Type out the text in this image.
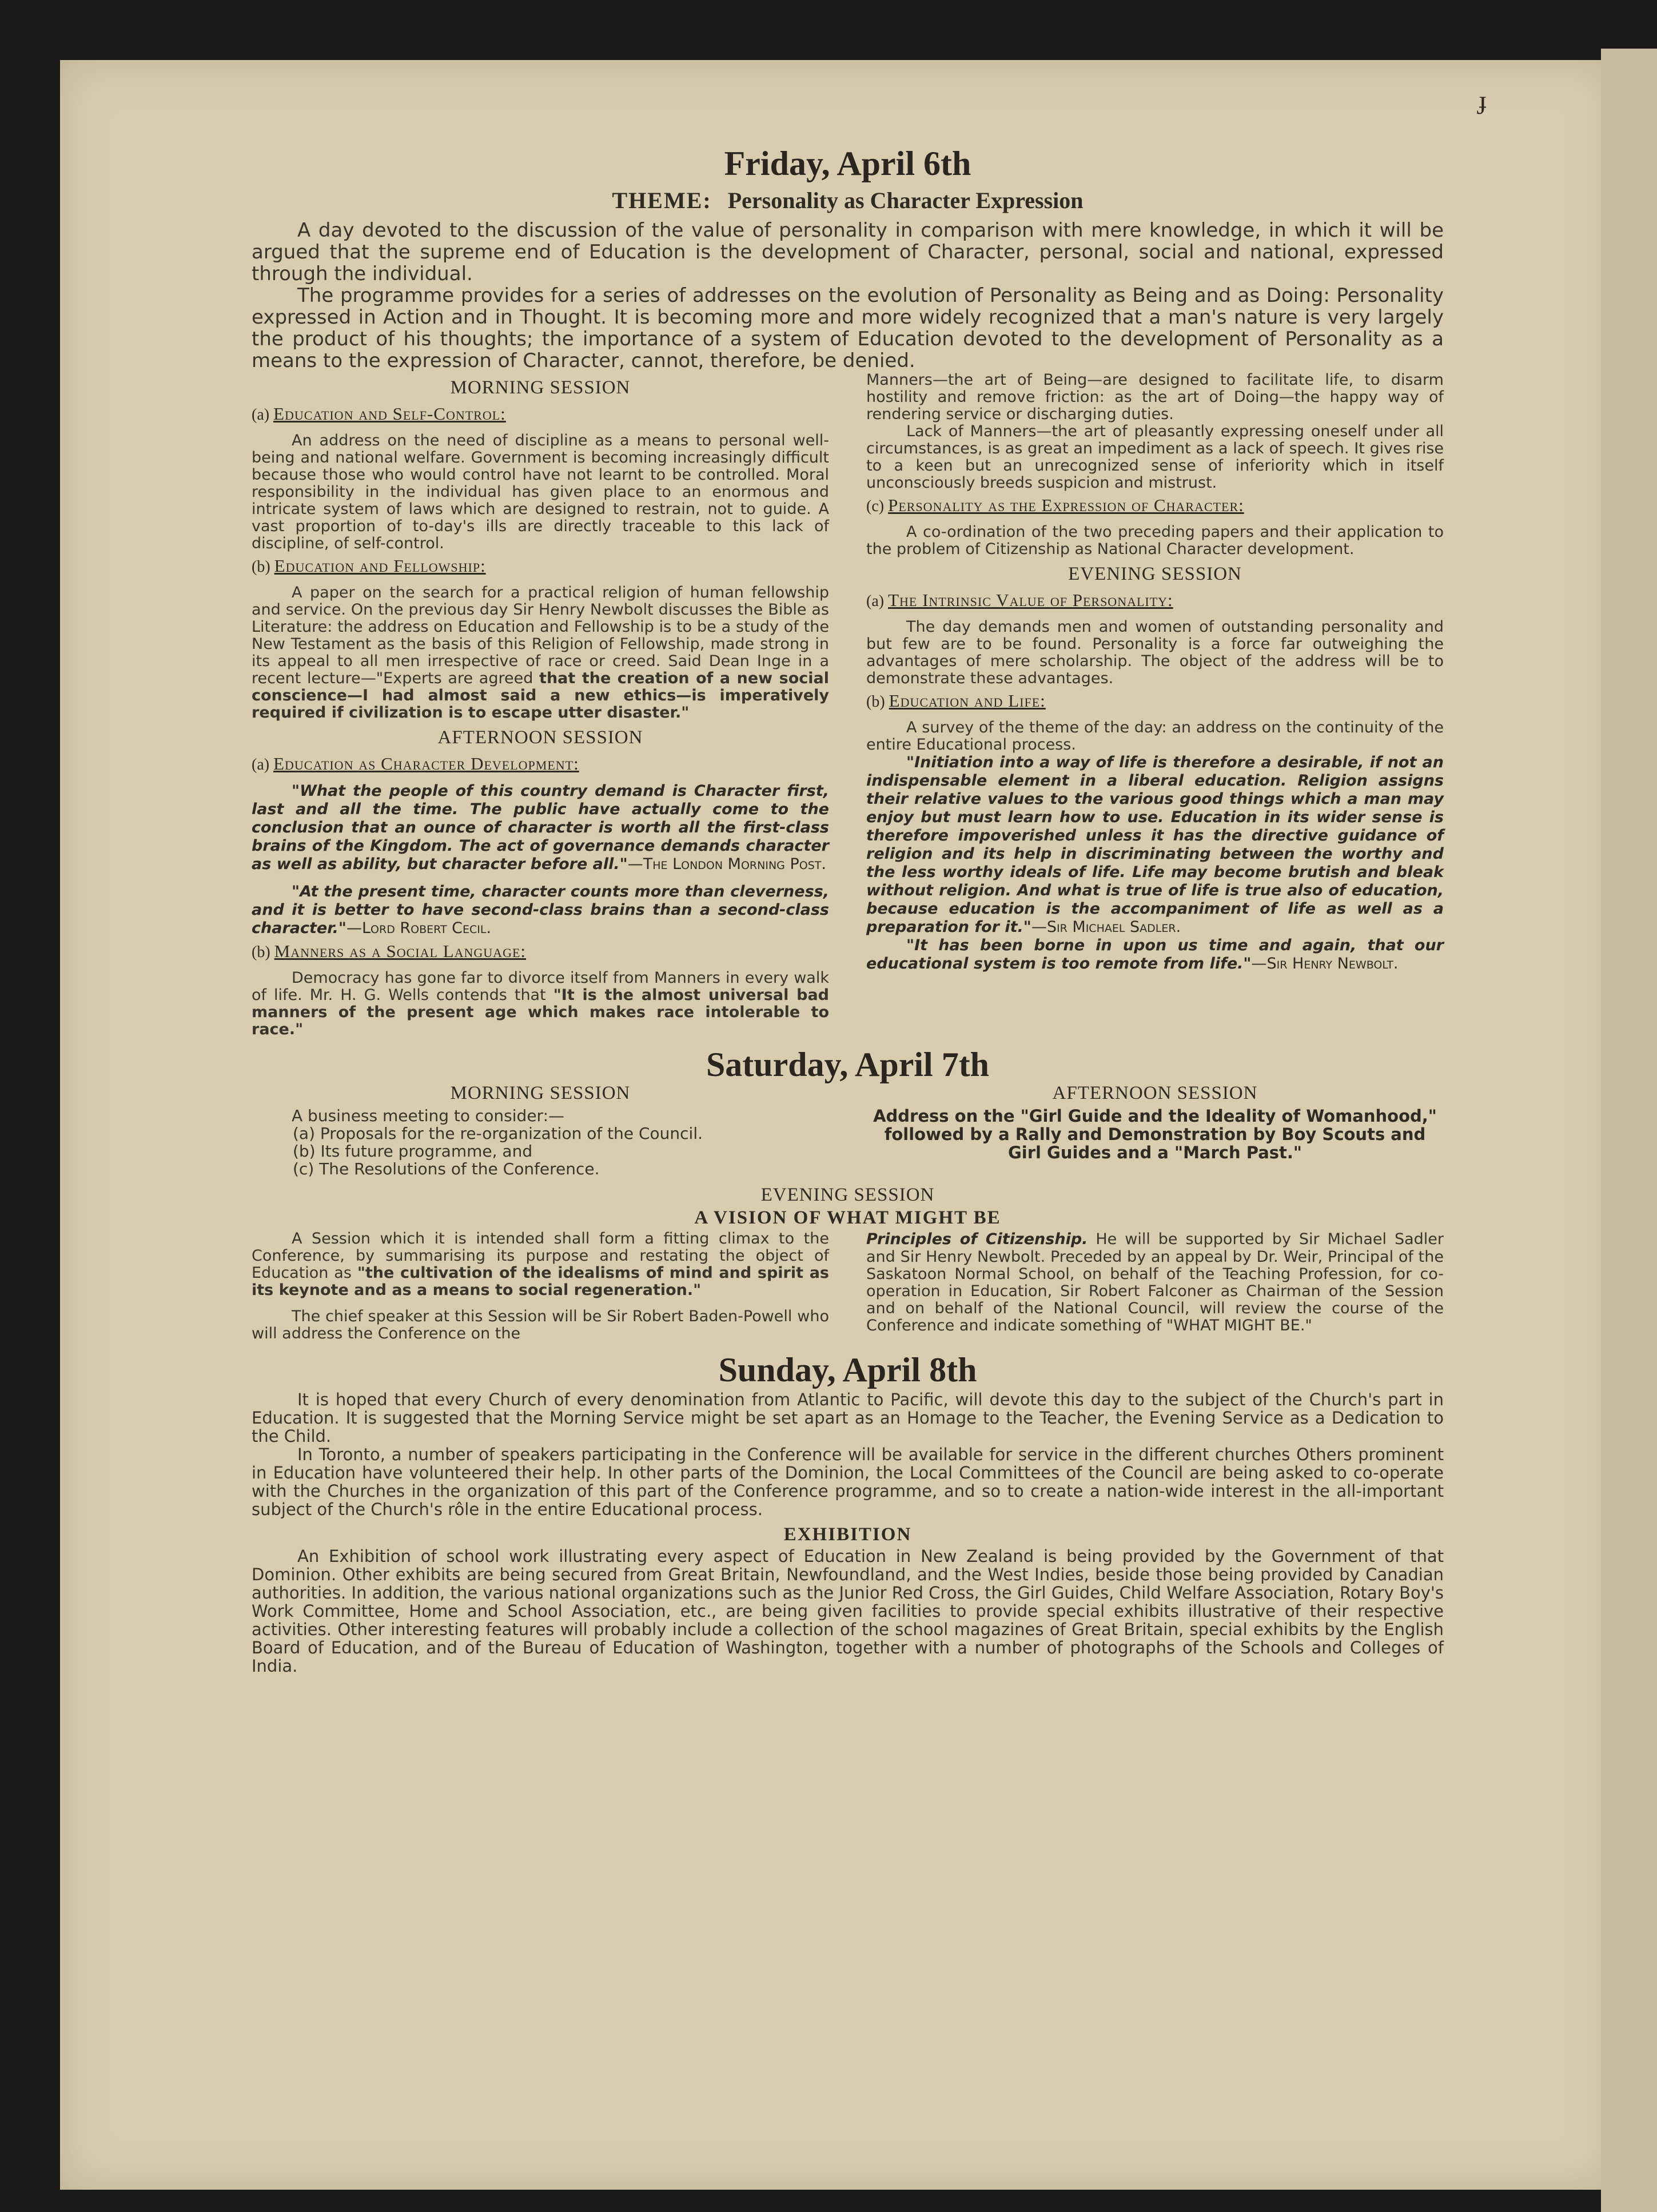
ɟ
Friday, April 6th
THEME: Personality as Character Expression

A day devoted to the discussion of the value of personality in comparison with mere knowledge, in which it will be argued that the supreme end of Education is the development of Character, personal, social and national, expressed through the individual.

The programme provides for a series of addresses on the evolution of Personality as Being and as Doing: Personality expressed in Action and in Thought. It is becoming more and more widely recognized that a man's nature is very largely the product of his thoughts; the importance of a system of Education devoted to the development of Personality as a means to the expression of Character, cannot, therefore, be denied.

MORNING SESSION
(a) Education and Self-Control:

An address on the need of discipline as a means to personal well-being and national welfare. Government is becoming increasingly difficult because those who would control have not learnt to be controlled. Moral responsibility in the individual has given place to an enormous and intricate system of laws which are designed to restrain, not to guide. A vast proportion of to-day's ills are directly traceable to this lack of discipline, of self-control.

(b) Education and Fellowship:

A paper on the search for a practical religion of human fellowship and service. On the previous day Sir Henry Newbolt discusses the Bible as Literature: the address on Education and Fellowship is to be a study of the New Testament as the basis of this Religion of Fellowship, made strong in its appeal to all men irrespective of race or creed. Said Dean Inge in a recent lecture—"Experts are agreed that the creation of a new social conscience—I had almost said a new ethics—is imperatively required if civilization is to escape utter disaster."

AFTERNOON SESSION
(a) Education as Character Development:

"What the people of this country demand is Character first, last and all the time. The public have actually come to the conclusion that an ounce of character is worth all the first-class brains of the Kingdom. The act of governance demands character as well as ability, but character before all."—The London Morning Post.

"At the present time, character counts more than cleverness, and it is better to have second-class brains than a second-class character."—Lord Robert Cecil.

(b) Manners as a Social Language:

Democracy has gone far to divorce itself from Manners in every walk of life. Mr. H. G. Wells contends that "It is the almost universal bad manners of the present age which makes race intolerable to race."

Manners—the art of Being—are designed to facilitate life, to disarm hostility and remove friction: as the art of Doing—the happy way of rendering service or discharging duties.

Lack of Manners—the art of pleasantly expressing oneself under all circumstances, is as great an impediment as a lack of speech. It gives rise to a keen but an unrecognized sense of inferiority which in itself unconsciously breeds suspicion and mistrust.

(c) Personality as the Expression of Character:

A co-ordination of the two preceding papers and their application to the problem of Citizenship as National Character development.

EVENING SESSION
(a) The Intrinsic Value of Personality:

The day demands men and women of outstanding personality and but few are to be found. Personality is a force far outweighing the advantages of mere scholarship. The object of the address will be to demonstrate these advantages.

(b) Education and Life:

A survey of the theme of the day: an address on the continuity of the entire Educational process.

"Initiation into a way of life is therefore a desirable, if not an indispensable element in a liberal education. Religion assigns their relative values to the various good things which a man may enjoy but must learn how to use. Education in its wider sense is therefore impoverished unless it has the directive guidance of religion and its help in discriminating between the worthy and the less worthy ideals of life. Life may become brutish and bleak without religion. And what is true of life is true also of education, because education is the accompaniment of life as well as a preparation for it."—Sir Michael Sadler.

"It has been borne in upon us time and again, that our educational system is too remote from life."—Sir Henry Newbolt.

Saturday, April 7th
MORNING SESSION

A business meeting to consider:—

(a) Proposals for the re-organization of the Council.
(b) Its future programme, and
(c) The Resolutions of the Conference.
AFTERNOON SESSION

Address on the "Girl Guide and the Ideality of Womanhood," followed by a Rally and Demonstration by Boy Scouts and Girl Guides and a "March Past."

EVENING SESSION
A VISION OF WHAT MIGHT BE

A Session which it is intended shall form a fitting climax to the Conference, by summarising its purpose and restating the object of Education as "the cultivation of the idealisms of mind and spirit as its keynote and as a means to social regeneration."

The chief speaker at this Session will be Sir Robert Baden-Powell who will address the Conference on the

Principles of Citizenship. He will be supported by Sir Michael Sadler and Sir Henry Newbolt. Preceded by an appeal by Dr. Weir, Principal of the Saskatoon Normal School, on behalf of the Teaching Profession, for co-operation in Education, Sir Robert Falconer as Chairman of the Session and on behalf of the National Council, will review the course of the Conference and indicate something of "WHAT MIGHT BE."

Sunday, April 8th

It is hoped that every Church of every denomination from Atlantic to Pacific, will devote this day to the subject of the Church's part in Education. It is suggested that the Morning Service might be set apart as an Homage to the Teacher, the Evening Service as a Dedication to the Child.

In Toronto, a number of speakers participating in the Conference will be available for service in the different churches Others prominent in Education have volunteered their help. In other parts of the Dominion, the Local Committees of the Council are being asked to co-operate with the Churches in the organization of this part of the Conference programme, and so to create a nation-wide interest in the all-important subject of the Church's rôle in the entire Educational process.

EXHIBITION

An Exhibition of school work illustrating every aspect of Education in New Zealand is being provided by the Government of that Dominion. Other exhibits are being secured from Great Britain, Newfoundland, and the West Indies, beside those being provided by Canadian authorities. In addition, the various national organizations such as the Junior Red Cross, the Girl Guides, Child Welfare Association, Rotary Boy's Work Committee, Home and School Association, etc., are being given facilities to provide special exhibits illustrative of their respective activities. Other interesting features will probably include a collection of the school magazines of Great Britain, special exhibits by the English Board of Education, and of the Bureau of Education of Washington, together with a number of photographs of the Schools and Colleges of India.
